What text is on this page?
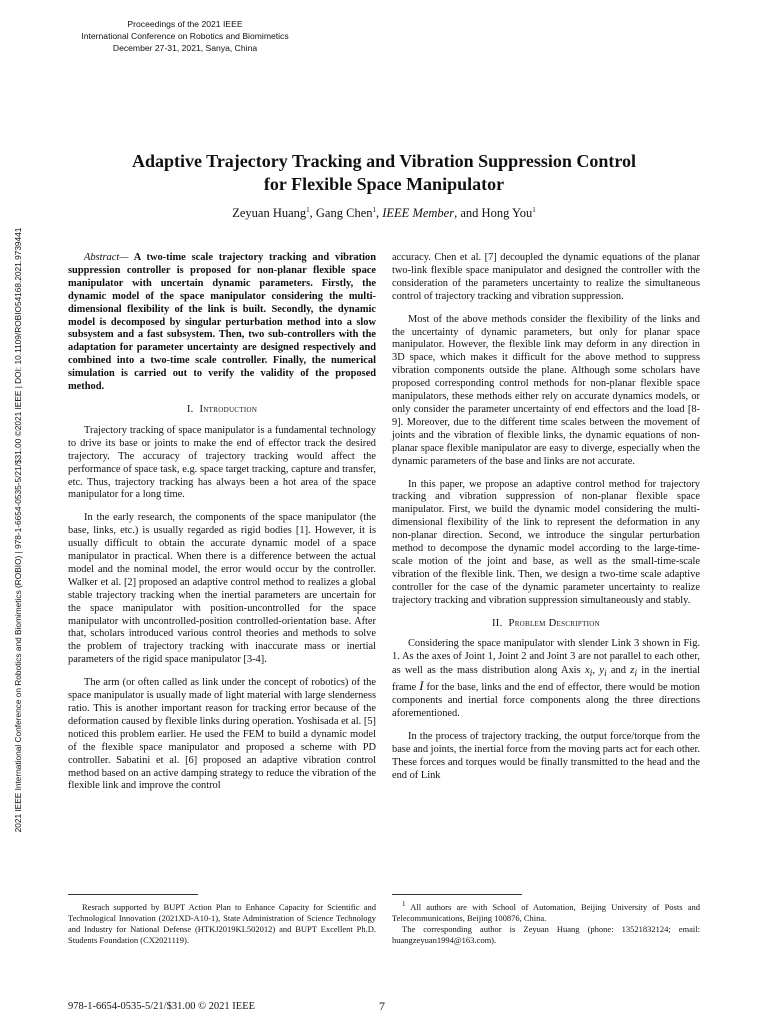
Proceedings of the 2021 IEEE
International Conference on Robotics and Biomimetics
December 27-31, 2021, Sanya, China
2021 IEEE International Conference on Robotics and Biomimetics (ROBIO) | 978-1-6654-0535-5/21/$31.00 ©2021 IEEE | DOI: 10.1109/ROBIO54168.2021.9739441
Adaptive Trajectory Tracking and Vibration Suppression Control
for Flexible Space Manipulator
Zeyuan Huang$^1$, Gang Chen$^1$, IEEE Member, and Hong You$^1$

Abstract— A two-time scale trajectory tracking and vibration suppression controller is proposed for non-planar flexible space manipulator with uncertain dynamic parameters. Firstly, the dynamic model of the space manipulator considering the multi-dimensional flexibility of the link is built. Secondly, the dynamic model is decomposed by singular perturbation method into a slow subsystem and a fast subsystem. Then, two sub-controllers with the adaptation for parameter uncertainty are designed respectively and combined into a two-time scale controller. Finally, the numerical simulation is carried out to verify the validity of the proposed method.

I. Introduction

Trajectory tracking of space manipulator is a fundamental technology to drive its base or joints to make the end of effector track the desired trajectory. The accuracy of trajectory tracking would affect the performance of space task, e.g. space target tracking, capture and transfer, etc. Thus, trajectory tracking has always been a hot area of the space manipulator for a long time.

In the early research, the components of the space manipulator (the base, links, etc.) is usually regarded as rigid bodies [1]. However, it is usually difficult to obtain the accurate dynamic model of a space manipulator in practical. When there is a difference between the actual model and the nominal model, the error would occur by the controller. Walker et al. [2] proposed an adaptive control method to realizes a global stable trajectory tracking when the inertial parameters are uncertain for the space manipulator with position-uncontrolled for the space manipulator with uncontrolled-position controlled-orientation base. After that, scholars introduced various control theories and methods to solve the problem of trajectory tracking with inaccurate mass or inertial parameters of the rigid space manipulator [3-4].

The arm (or often called as link under the concept of robotics) of the space manipulator is usually made of light material with large slenderness ratio. This is another important reason for tracking error because of the deformation caused by flexible links during operation. Yoshisada et al. [5] noticed this problem earlier. He used the FEM to build a dynamic model of the flexible space manipulator and proposed a scheme with PD controller. Sabatini et al. [6] proposed an adaptive vibration control method based on an active damping strategy to reduce the vibration of the flexible link and improve the control

accuracy. Chen et al. [7] decoupled the dynamic equations of the planar two-link flexible space manipulator and designed the controller with the consideration of the parameters uncertainty to realize the simultaneous control of trajectory tracking and vibration suppression.

Most of the above methods consider the flexibility of the links and the uncertainty of dynamic parameters, but only for planar space manipulator. However, the flexible link may deform in any direction in 3D space, which makes it difficult for the above method to suppress vibration components outside the plane. Although some scholars have proposed corresponding control methods for non-planar flexible space manipulators, these methods either rely on accurate dynamics models, or only consider the parameter uncertainty of end effectors and the load [8-9]. Moreover, due to the different time scales between the movement of joints and the vibration of flexible links, the dynamic equations of non-planar space flexible manipulator are easy to diverge, especially when the dynamic parameters of the base and links are not accurate.

In this paper, we propose an adaptive control method for trajectory tracking and vibration suppression of non-planar flexible space manipulator. First, we build the dynamic model considering the multi-dimensional flexibility of the link to represent the deformation in any non-planar direction. Second, we introduce the singular perturbation method to decompose the dynamic model according to the large-time-scale motion of the joint and base, as well as the small-time-scale vibration of the flexible link. Then, we design a two-time scale adaptive controller for the case of the dynamic parameter uncertainty to realize trajectory tracking and vibration suppression simultaneously and stably.

II. Problem Description

Considering the space manipulator with slender Link 3 shown in Fig. 1. As the axes of Joint 1, Joint 2 and Joint 3 are not parallel to each other, as well as the mass distribution along Axis $x_i$, $y_i$ and $z_i$ in the inertial frame I for the base, links and the end of effector, there would be motion components and inertial force components along the three directions aforementioned.

In the process of trajectory tracking, the output force/torque from the base and joints, the inertial force from the moving parts act for each other. These forces and torques would be finally transmitted to the head and the end of Link

Resrach supported by BUPT Action Plan to Enhance Capacity for Scientific and Technological Innovation (2021XD-A10-1), State Administration of Science Technology and Industry for National Defense (HTKJ2019KL502012) and BUPT Excellent Ph.D. Students Foundation (CX2021119).
$^1$ All authors are with School of Automation, Beijing University of Posts and Telecommunications, Beijing 100876, China.
The corresponding author is Zeyuan Huang (phone: 13521832124; email: huangzeyuan1994@163.com).
978-1-6654-0535-5/21/$31.00 © 2021 IEEE	7
